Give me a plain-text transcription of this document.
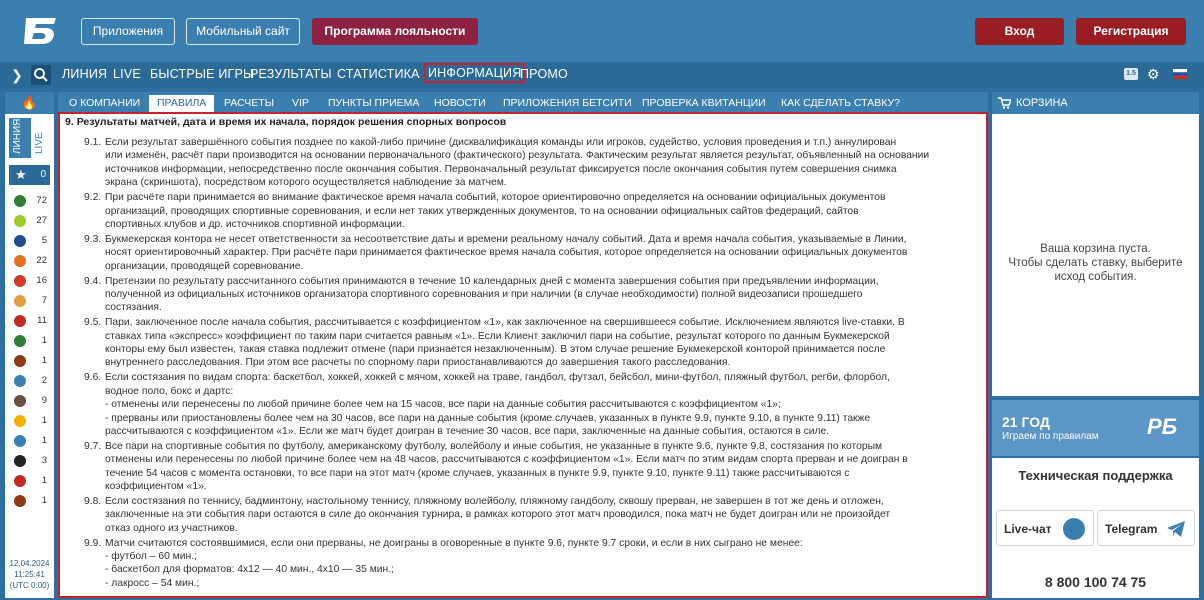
Приложения	Мобильный сайт	Программа лояльности	Вход	Регистрация
❯	ЛИНИЯ LIVE БЫСТРЫЕ ИГРЫ
РЕЗУЛЬТАТЫ СТАТИСТИКА ИНФОРМАЦИЯ
ПРОМО	1.5 ⚙
🔥
ЛИНИЯ LIVE
★ 0
72
27
5
22
16
7
11
1
1
2
9
1
1
3
1
1
12.04.2024
11:25:41
(UTC 0:00)
О КОМПАНИИ	ПРАВИЛА	РАСЧЕТЫ VIP ПУНКТЫ ПРИЕМА НОВОСТИ ПРИЛОЖЕНИЯ БЕТСИТИ ПРОВЕРКА КВИТАНЦИИ КАК СДЕЛАТЬ СТАВКУ?
9. Результаты матчей, дата и время их начала, порядок решения спорных вопросов
9.1. Если результат завершённого события позднее по какой-либо причине (дисквалификация команды или игроков, судейство, условия проведения и т.п.) аннулирован
или изменён, расчёт пари производится на основании первоначального (фактического) результата. Фактическим результат является результат, объявленный на основании
источников информации, непосредственно после окончания события. Первоначальный результат фиксируется после окончания события путем совершения снимка
экрана (скриншота), посредством которого осуществляется наблюдение за матчем.
9.2. При расчёте пари принимается во внимание фактическое время начала событий, которое ориентировочно определяется на основании официальных документов
организаций, проводящих спортивные соревнования, и если нет таких утвержденных документов, то на основании официальных сайтов федераций, сайтов
спортивных клубов и др. источников спортивной информации.
9.3. Букмекерская контора не несет ответственности за несоответствие даты и времени реальному началу событий. Дата и время начала события, указываемые в Линии,
носят ориентировочный характер. При расчёте пари принимается фактическое время начала события, которое определяется на основании официальных документов
организации, проводящей соревнование.
9.4. Претензии по результату рассчитанного события принимаются в течение 10 календарных дней с момента завершения события при предъявлении информации,
полученной из официальных источников организатора спортивного соревнования и при наличии (в случае необходимости) полной видеозаписи прошедшего
состязания.
9.5. Пари, заключенное после начала события, рассчитывается с коэффициентом «1», как заключенное на свершившееся событие. Исключением являются live-ставки. В
ставках типа «экспресс» коэффициент по таким пари считается равным «1». Если Клиент заключил пари на событие, результат которого по данным Букмекерской
конторы ему был известен, такая ставка подлежит отмене (пари признается незаключенным). В этом случае решение Букмекерской конторой принимается после
внутреннего расследования. При этом все расчеты по спорному пари приостанавливаются до завершения такого расследования.
9.6. Если состязания по видам спорта: баскетбол, хоккей, хоккей с мячом, хоккей на траве, гандбол, футзал, бейсбол, мини-футбол, пляжный футбол, регби, флорбол,
водное поло, бокс и дартс:
- отменены или перенесены по любой причине более чем на 15 часов, все пари на данные события рассчитываются с коэффициентом «1»;
- прерваны или приостановлены более чем на 30 часов, все пари на данные события (кроме случаев, указанных в пункте 9.9, пункте 9.10, в пункте 9.11) также
рассчитываются с коэффициентом «1». Если же матч будет доигран в течение 30 часов, все пари, заключенные на данные события, остаются в силе.
9.7. Все пари на спортивные события по футболу, американскому футболу, волейболу и иные события, не указанные в пункте 9.6, пункте 9.8, состязания по которым
отменены или перенесены по любой причине более чем на 48 часов, рассчитываются с коэффициентом «1». Если матч по этим видам спорта прерван и не доигран в
течение 54 часов с момента остановки, то все пари на этот матч (кроме случаев, указанных в пункте 9.9, пункте 9.10, пункте 9.11) также рассчитываются с
коэффициентом «1».
9.8. Если состязания по теннису, бадминтону, настольному теннису, пляжному волейболу, пляжному гандболу, сквошу прерван, не завершен в тот же день и отложен,
заключенные на эти события пари остаются в силе до окончания турнира, в рамках которого этот матч проводился, пока матч не будет доигран или не произойдет
отказ одного из участников.
9.9. Матчи считаются состоявшимися, если они прерваны, не доиграны в оговоренные в пункте 9.6, пункте 9.7 сроки, и если в них сыграно не менее:
- футбол – 60 мин.;
- баскетбол для форматов: 4х12 — 40 мин., 4х10 — 35 мин.;
- лакросс – 54 мин.;
КОРЗИНА
Ваша корзина пуста.
Чтобы сделать ставку, выберите
исход события.
21 ГОД
Играем по правилам РБ
Техническая поддержка
Live-чат	Telegram
8 800 100 74 75
